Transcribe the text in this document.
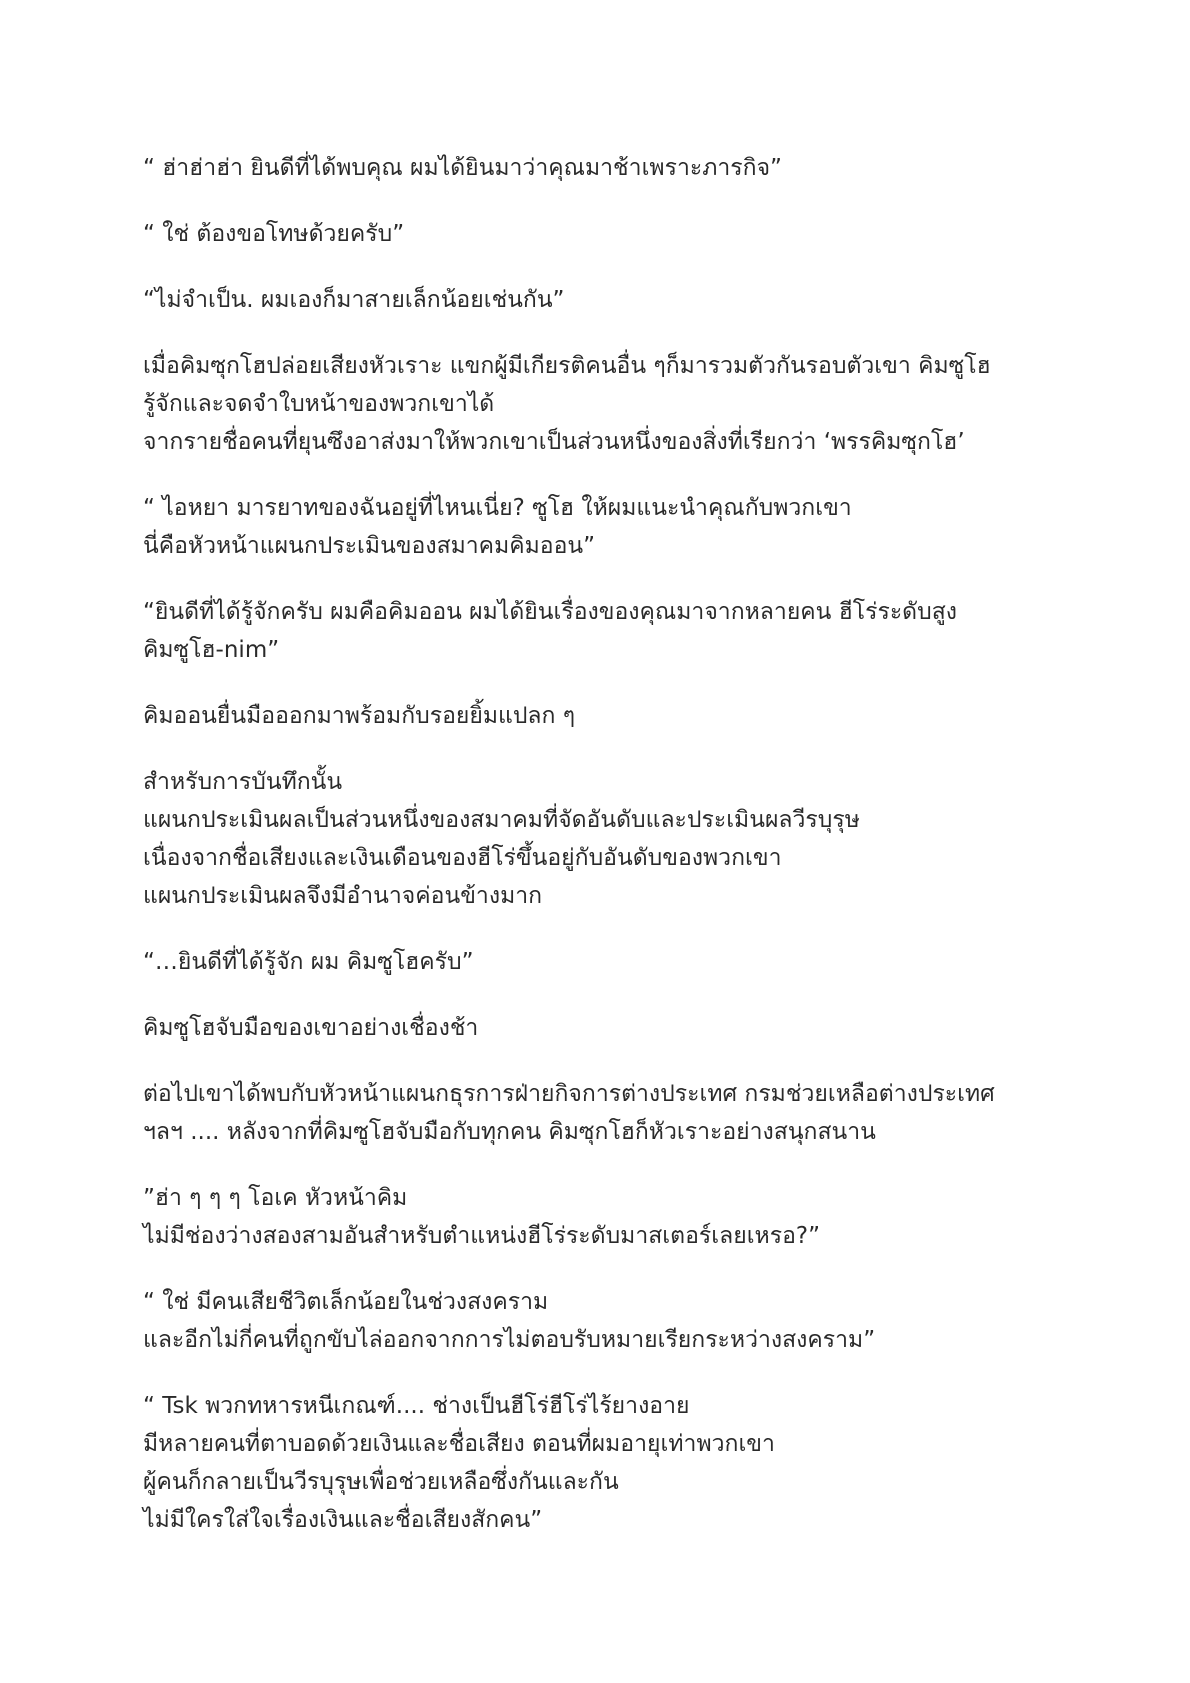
“ ฮ่าฮ่าฮ่า ยินดีที่ได้พบคุณ ผมได้ยินมาว่าคุณมาช้าเพราะภารกิจ”
“ ใช่ ต้องขอโทษด้วยครับ”
“ไม่จำเป็น. ผมเองก็มาสายเล็กน้อยเช่นกัน”
เมื่อคิมซุกโฮปล่อยเสียงหัวเราะ แขกผู้มีเกียรติคนอื่น ๆก็มารวมตัวกันรอบตัวเขา คิมซูโฮ
รู้จักและจดจำใบหน้าของพวกเขาได้
จากรายชื่อคนที่ยุนซึงอาส่งมาให้พวกเขาเป็นส่วนหนึ่งของสิ่งที่เรียกว่า ‘พรรคิมซุกโฮ’
“ ไอหยา มารยาทของฉันอยู่ที่ไหนเนี่ย? ซูโฮ ให้ผมแนะนำคุณกับพวกเขา
นี่คือหัวหน้าแผนกประเมินของสมาคมคิมออน”
“ยินดีที่ได้รู้จักครับ ผมคือคิมออน ผมได้ยินเรื่องของคุณมาจากหลายคน ฮีโร่ระดับสูง
คิมซูโฮ-nim”
คิมออนยื่นมือออกมาพร้อมกับรอยยิ้มแปลก ๆ
สำหรับการบันทึกนั้น
แผนกประเมินผลเป็นส่วนหนึ่งของสมาคมที่จัดอันดับและประเมินผลวีรบุรุษ
เนื่องจากชื่อเสียงและเงินเดือนของฮีโร่ขึ้นอยู่กับอันดับของพวกเขา
แผนกประเมินผลจึงมีอำนาจค่อนข้างมาก
“…ยินดีที่ได้รู้จัก ผม คิมซูโฮครับ”
คิมซูโฮจับมือของเขาอย่างเชื่องช้า
ต่อไปเขาได้พบกับหัวหน้าแผนกธุรการฝ่ายกิจการต่างประเทศ กรมช่วยเหลือต่างประเทศ
ฯลฯ .... หลังจากที่คิมซูโฮจับมือกับทุกคน คิมซุกโฮก็หัวเราะอย่างสนุกสนาน
”ฮ่า ๆ ๆ ๆ โอเค หัวหน้าคิม
ไม่มีช่องว่างสองสามอันสำหรับตำแหน่งฮีโร่ระดับมาสเตอร์เลยเหรอ?”
“ ใช่ มีคนเสียชีวิตเล็กน้อยในช่วงสงคราม
และอีกไม่กี่คนที่ถูกขับไล่ออกจากการไม่ตอบรับหมายเรียกระหว่างสงคราม”
“ Tsk พวกทหารหนีเกณฑ์.... ช่างเป็นฮีโร่ฮีโร่ไร้ยางอาย
มีหลายคนที่ตาบอดด้วยเงินและชื่อเสียง ตอนที่ผมอายุเท่าพวกเขา
ผู้คนก็กลายเป็นวีรบุรุษเพื่อช่วยเหลือซึ่งกันและกัน
ไม่มีใครใส่ใจเรื่องเงินและชื่อเสียงสักคน”
